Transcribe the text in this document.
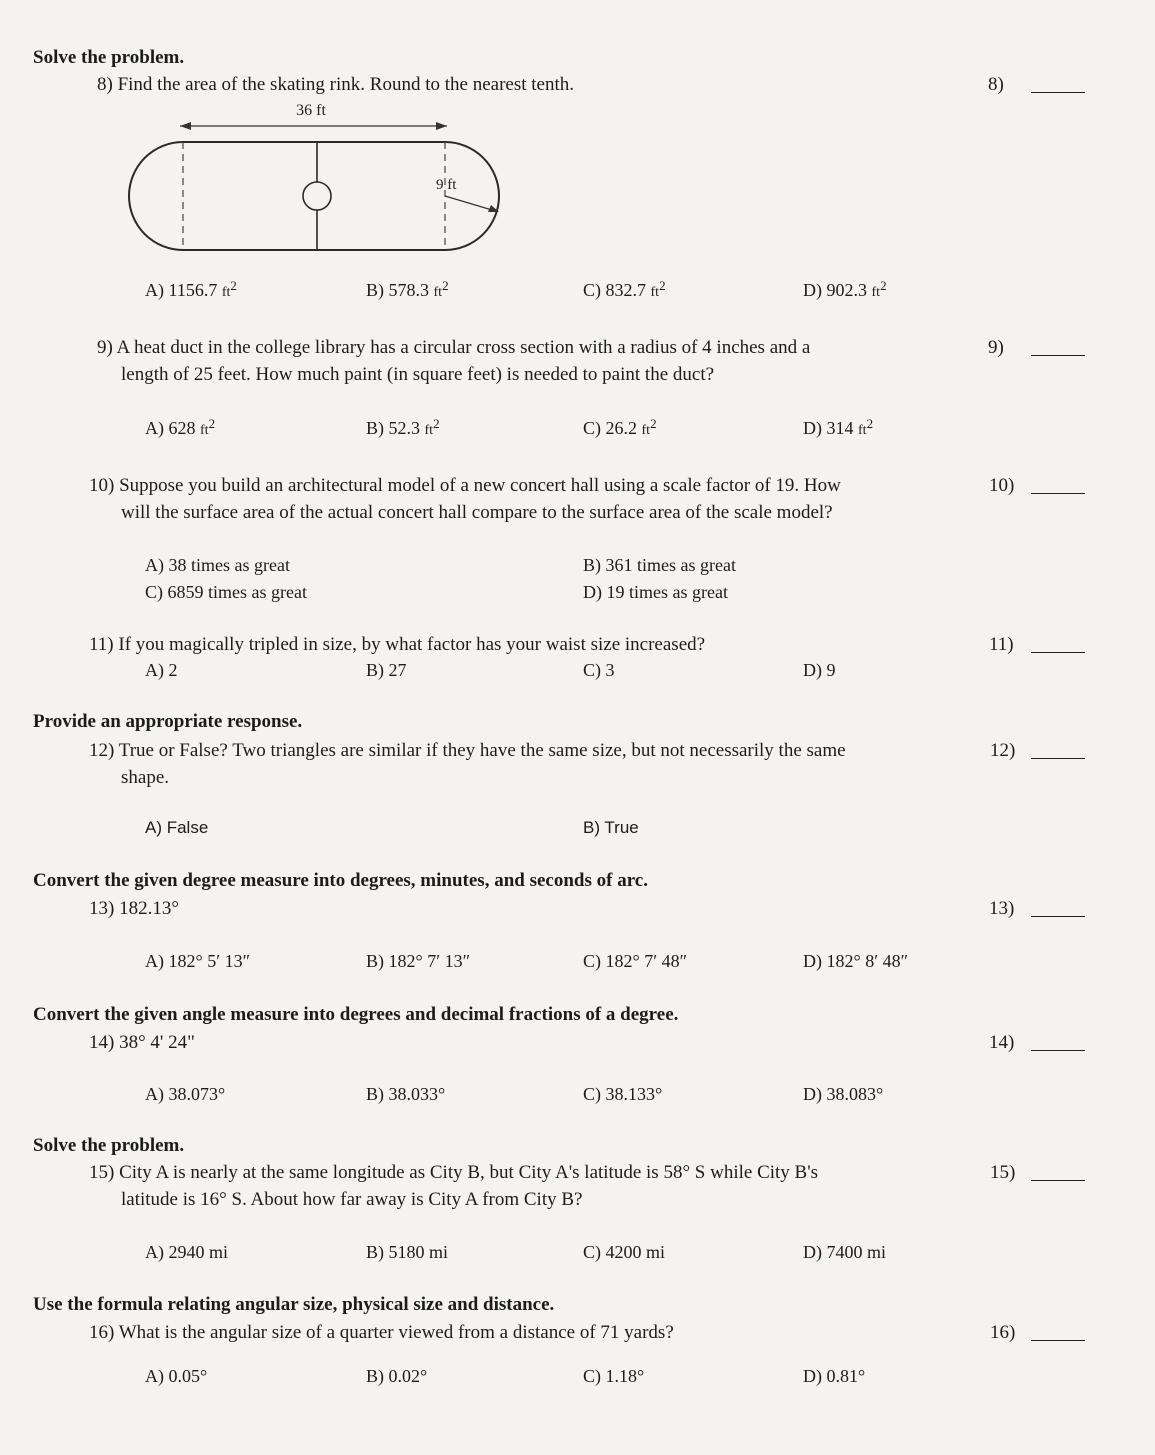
Solve the problem.
8) Find the area of the skating rink. Round to the nearest tenth.	8)
36 ft
9 ft
A) 1156.7 $ft^2$	B) 578.3 $ft^2$	C) 832.7 $ft^2$	D) 902.3 $ft^2$
9) A heat duct in the college library has a circular cross section with a radius of 4 inches and a
length of 25 feet. How much paint (in square feet) is needed to paint the duct?
9)
A) 628 $ft^2$	B) 52.3 $ft^2$	C) 26.2 $ft^2$	D) 314 $ft^2$
10) Suppose you build an architectural model of a new concert hall using a scale factor of 19. How
will the surface area of the actual concert hall compare to the surface area of the scale model?
10)
A) 38 times as great	B) 361 times as great
C) 6859 times as great	D) 19 times as great
11) If you magically tripled in size, by what factor has your waist size increased?	11)
A) 2	B) 27	C) 3	D) 9
Provide an appropriate response.
12) True or False? Two triangles are similar if they have the same size, but not necessarily the same
shape.
12)
A) False	B) True
Convert the given degree measure into degrees, minutes, and seconds of arc.
13) 182.13°	13)
A) 182° 5′ 13″	B) 182° 7′ 13″	C) 182° 7′ 48″	D) 182° 8′ 48″
Convert the given angle measure into degrees and decimal fractions of a degree.
14) 38° 4' 24"	14)
A) 38.073°	B) 38.033°	C) 38.133°	D) 38.083°
Solve the problem.
15) City A is nearly at the same longitude as City B, but City A's latitude is 58° S while City B's
latitude is 16° S. About how far away is City A from City B?
15)
A) 2940 mi	B) 5180 mi	C) 4200 mi	D) 7400 mi
Use the formula relating angular size, physical size and distance.
16) What is the angular size of a quarter viewed from a distance of 71 yards?	16)
A) 0.05°	B) 0.02°	C) 1.18°	D) 0.81°
